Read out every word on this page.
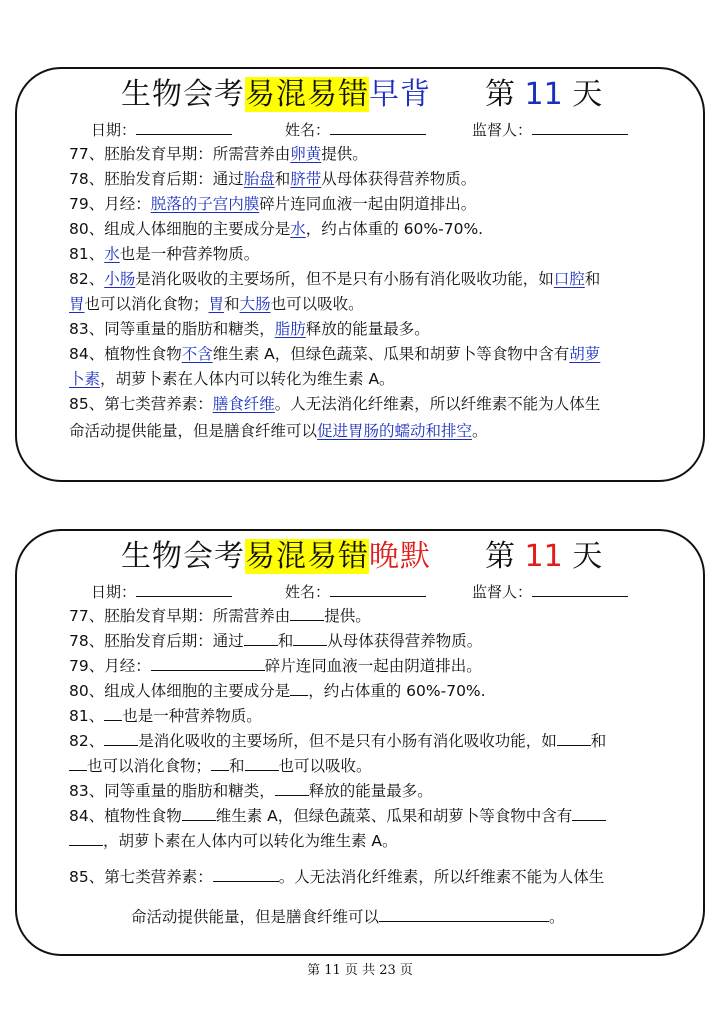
生物会考易混易错早背 第 11 天
日期：	姓名：	监督人：
77、胚胎发育早期：所需营养由卵黄提供。
78、胚胎发育后期：通过胎盘和脐带从母体获得营养物质。
79、月经：脱落的子宫内膜碎片连同血液一起由阴道排出。
80、组成人体细胞的主要成分是水，约占体重的 60%-70%.
81、水也是一种营养物质。
82、小肠是消化吸收的主要场所，但不是只有小肠有消化吸收功能，如口腔和
胃也可以消化食物；胃和大肠也可以吸收。
83、同等重量的脂肪和糖类，脂肪释放的能量最多。
84、植物性食物不含维生素 A，但绿色蔬菜、瓜果和胡萝卜等食物中含有胡萝
卜素，胡萝卜素在人体内可以转化为维生素 A。
85、第七类营养素：膳食纤维。人无法消化纤维素，所以纤维素不能为人体生
命活动提供能量，但是膳食纤维可以促进胃肠的蠕动和排空。
生物会考易混易错晚默 第 11 天
日期：	姓名：	监督人：
77、胚胎发育早期：所需营养由 提供。
78、胚胎发育后期：通过 和 从母体获得营养物质。
79、月经：	碎片连同血液一起由阴道排出。
80、组成人体细胞的主要成分是 ，约占体重的 60%-70%.
81、 也是一种营养物质。
82、 是消化吸收的主要场所，但不是只有小肠有消化吸收功能，如 和
也可以消化食物； 和 也可以吸收。
83、同等重量的脂肪和糖类， 释放的能量最多。
84、植物性食物 维生素 A，但绿色蔬菜、瓜果和胡萝卜等食物中含有
，胡萝卜素在人体内可以转化为维生素 A。
85、第七类营养素：	。人无法消化纤维素，所以纤维素不能为人体生
命活动提供能量，但是膳食纤维可以	。
第 11 页 共 23 页
